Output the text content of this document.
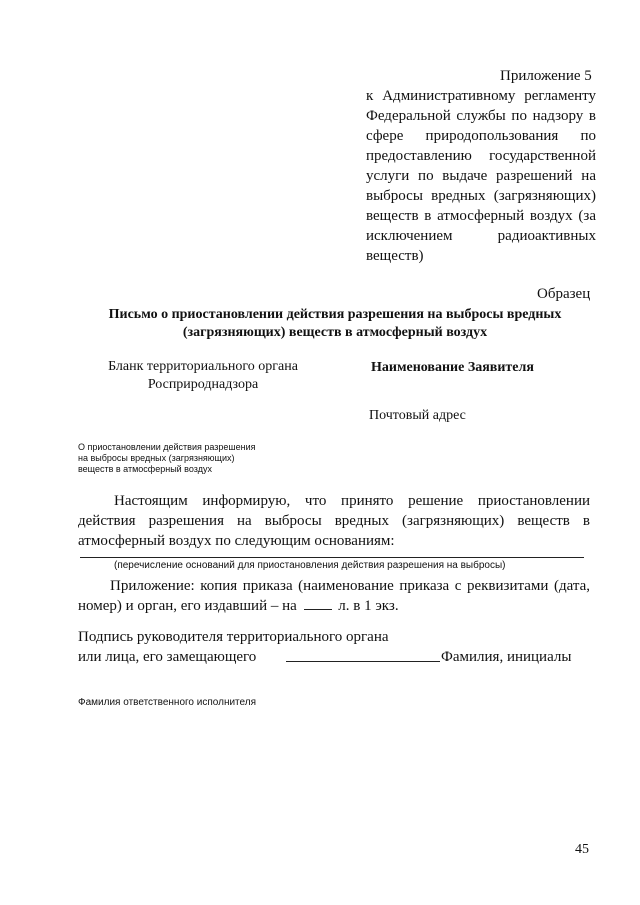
Приложение 5
к Административному регламенту
Федеральной службы по надзору в
сфере природопользования по
предоставлению государственной
услуги по выдаче разрешений на
выбросы вредных (загрязняющих)
веществ в атмосферный воздух (за
исключением радиоактивных
веществ)
Образец
Письмо о приостановлении действия разрешения на выбросы вредных
(загрязняющих) веществ в атмосферный воздух
Бланк территориального органа
Росприроднадзора
Наименование Заявителя
Почтовый адрес
О приостановлении действия разрешения
на выбросы вредных (загрязняющих)
веществ в атмосферный воздух
Настоящим информирую, что принято решение приостановлении
действия разрешения на выбросы вредных (загрязняющих) веществ в
атмосферный воздух по следующим основаниям:
(перечисление оснований для приостановления действия разрешения на выбросы)
Приложение: копия приказа (наименование приказа с реквизитами (дата,
номер) и орган, его издавший – на	л. в 1 экз.
Подпись руководителя территориального органа
или лица, его замещающего	Фамилия, инициалы
Фамилия ответственного исполнителя
45
